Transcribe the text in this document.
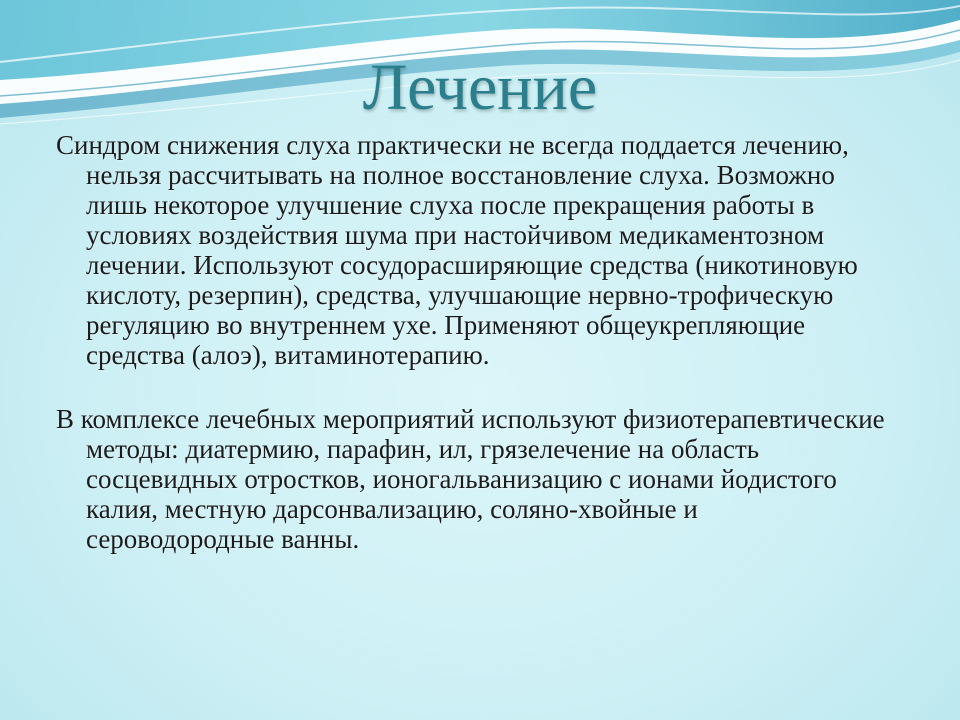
Лечение

Синдром снижения слуха практически не всегда поддается лечению, нельзя рассчитывать на полное восстановление слуха. Возможно лишь некоторое улучшение слуха после прекращения работы в условиях воздействия шума при настойчивом медикаментозном лечении. Используют сосудорасширяющие средства (никотиновую кислоту, резерпин), средства, улучшающие нервно-трофическую регуляцию во внутреннем ухе. Применяют общеукрепляющие средства (алоэ), витаминотерапию.

В комплексе лечебных мероприятий используют физиотерапевтические методы: диатермию, парафин, ил, грязелечение на область сосцевидных отростков, ионогальванизацию с ионами йодистого калия, местную дарсонвализацию, соляно-хвойные и сероводородные ванны.
